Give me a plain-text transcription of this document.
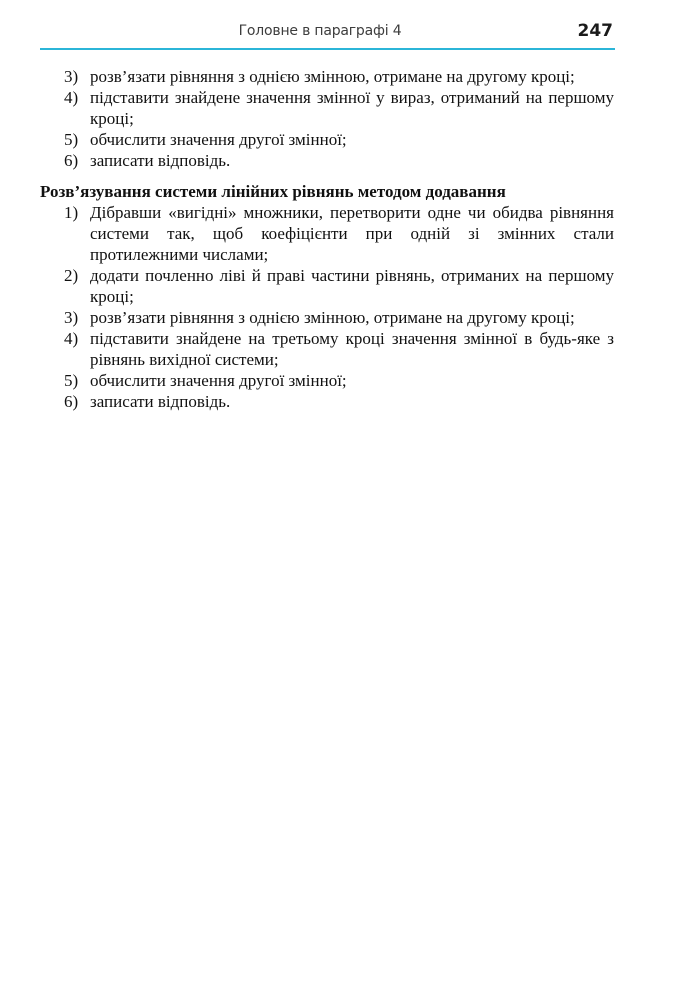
Головне в параграфі 4	247
3) розв’язати рівняння з однією змінною, отримане на другому кроці;
4) підставити знайдене значення змінної у вираз, отриманий на першому кроці;
5) обчислити значення другої змінної;
6) записати відповідь.

Розв’язування системи лінійних рівнянь методом додавання

1) Дібравши «вигідні» множники, перетворити одне чи обидва рівняння системи так, щоб коефіцієнти при одній зі змінних стали протилежними числами;
2) додати почленно ліві й праві частини рівнянь, отриманих на першому кроці;
3) розв’язати рівняння з однією змінною, отримане на другому кроці;
4) підставити знайдене на третьому кроці значення змінної в будь-яке з рівнянь вихідної системи;
5) обчислити значення другої змінної;
6) записати відповідь.
